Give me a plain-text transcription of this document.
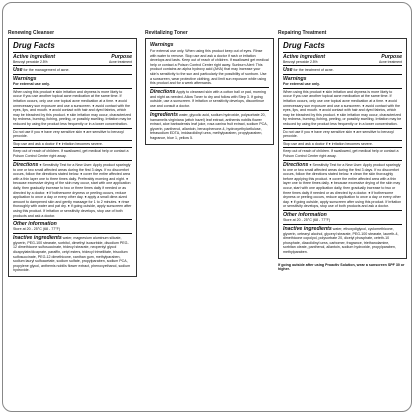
Renewing Cleanser	Revitalizing Toner	Repairing Treatment
Drug Facts
Active ingredient	Purpose
Benzoyl peroxide 2.5%	Acne treatment
Use for the management of acne.
Warnings
For external use only.
When using this product ● skin irritation and dryness is more likely to occur if you use another topical acne medication at the same time. If irritation occurs, only use one topical acne medication at a time. ● avoid unnecessary sun exposure and use a sunscreen. ● avoid contact with the eyes, lips, and mouth. ● avoid contact with hair and dyed fabrics, which may be bleached by this product. ● skin irritation may occur, characterized by redness, burning, itching, peeling, or possibly swelling. Irritation may be reduced by using the product less frequently or in a lower concentration.
Do not use if you ● have very sensitive skin ● are sensitive to benzoyl peroxide.
Stop use and ask a doctor if ● irritation becomes severe.
Keep out of reach of children. If swallowed, get medical help or contact a Poison Control Center right away.
Directions ● Sensitivity Test for a New User: Apply product sparingly to one or two small affected areas during the first 3 days. If no discomfort occurs, follow the directions stated below. ● cover the entire affected area with a thin layer one to three times daily. Preferably morning and night. ● because excessive drying of the skin may occur, start with one application daily, then gradually increase to two or three times daily if needed or as directed by a doctor. ● if bothersome dryness or peeling occurs, reduce application to once a day or every other day. ● apply a small dime-sized amount to dampened skin and gently massage for 1 to 2 minutes. ● rinse thoroughly with water and pat dry. ● if going outside, apply sunscreen after using this product. If irritation or sensitivity develops, stop use of both products and ask a doctor.
Other information
Store at 20 - 25°C (68 - 77°F)
Inactive ingredients water, magnesium aluminum silicate, glycerin, PEG-100 stearate, sorbitol, dimethyl isosorbide, disodium PEG-12 dimethicone sulfosuccinate, tridecyl stearate, neopentyl glycol dicaprylate/dicaprate, paraffin, cetyl esters, tridecyl trimellitate, trisodium sulfosuccinate, PEG-12 dimethicone, xanthan gum, methylparaben, sodium lauryl sulfoacetate, sodium sulfate, propylparaben, sodium PCA, propylene glycol, anthemis nobilis flower extract, phenoxyethanol, sodium hydroxide.
Warnings
For external use only. When using this product keep out of eyes. Rinse with water to remove. Stop use and ask a doctor if rash or irritation develops and lasts. Keep out of reach of children. If swallowed get medical help or contact a Poison Control Center right away. Sunburn Alert: This product contains an alpha hydroxy acid (AHA) that may increase your skin's sensitivity to the sun and particularly the possibility of sunburn. Use a sunscreen, wear protective clothing, and limit sun exposure while using this product and for a week afterwards.
Directions Apply to cleansed skin with a cotton ball or pad, morning and night as needed. Allow Toner to dry and follow with Step 3. If going outside, use a sunscreen. If irritation or sensitivity develops, discontinue use and consult a doctor.
Ingredients water, glycolic acid, sodium hydroxide, polysorbate 20, hamamelis virginiana (witch hazel) leaf extract, anthemis nobilis flower extract, aloe barbadensis leaf juice, rosa canina fruit extract, sodium PCA, glycerin, panthenol, allantoin, benzophenone-4, hydroxyethylcellulose, tetrasodium EDTA, imidazolidinyl urea, methylparaben, propylparaben, fragrance, blue 1, yellow 5.
Drug Facts
Active ingredient	Purpose
Benzoyl peroxide 2.5%	Acne treatment
Use for the treatment of acne.
Warnings
For external use only.
When using this product ● skin irritation and dryness is more likely to occur if you use another topical acne medication at the same time. If irritation occurs, only use one topical acne medication at a time. ● avoid unnecessary sun exposure and use a sunscreen. ● avoid contact with the eyes, lips, and mouth. ● avoid contact with hair and dyed fabrics, which may be bleached by this product. ● skin irritation may occur, characterized by redness, burning, itching, peeling, or possibly swelling. Irritation may be reduced by using the product less frequently or in a lower concentration.
Do not use if you ● have very sensitive skin ● are sensitive to benzoyl peroxide.
Stop use and ask a doctor if ● irritation becomes severe.
Keep out of reach of children. If swallowed, get medical help or contact a Poison Control Center right away.
Directions ● Sensitivity Test for a New User: Apply product sparingly to one or two small affected areas during the first 3 days. If no discomfort occurs, follow the directions stated below. ● clean the skin thoroughly before applying this product. ● cover the entire affected area with a thin layer one to three times daily. ● because excessive drying of the skin may occur, start with one application daily, then gradually increase to two or three times daily if needed or as directed by a doctor. ● if bothersome dryness or peeling occurs, reduce application to once a day or every other day. ● if going outside, apply sunscreen after using this product. If irritation or sensitivity develops, stop use of both products and ask a doctor.
Other information
Store at 20 - 25°C (68 - 77°F)
Inactive ingredients water, ethoxydiglycol, cyclomethicone, glycerin, cetearyl alcohol, glyceryl stearate, PEG-100 stearate, laureth-4, dimethicone copolyol, polysorbate 20, dicetyl phosphate, ceteth-10 phosphate, diazolidinyl urea, carbomer, fragrance, triethanolamine, sorbitan oleate, panthenol, allantoin, sodium hydroxide, propylparaben, methylparaben.
If going outside after using Proactiv Solution, wear a sunscreen SPF 30 or higher.
